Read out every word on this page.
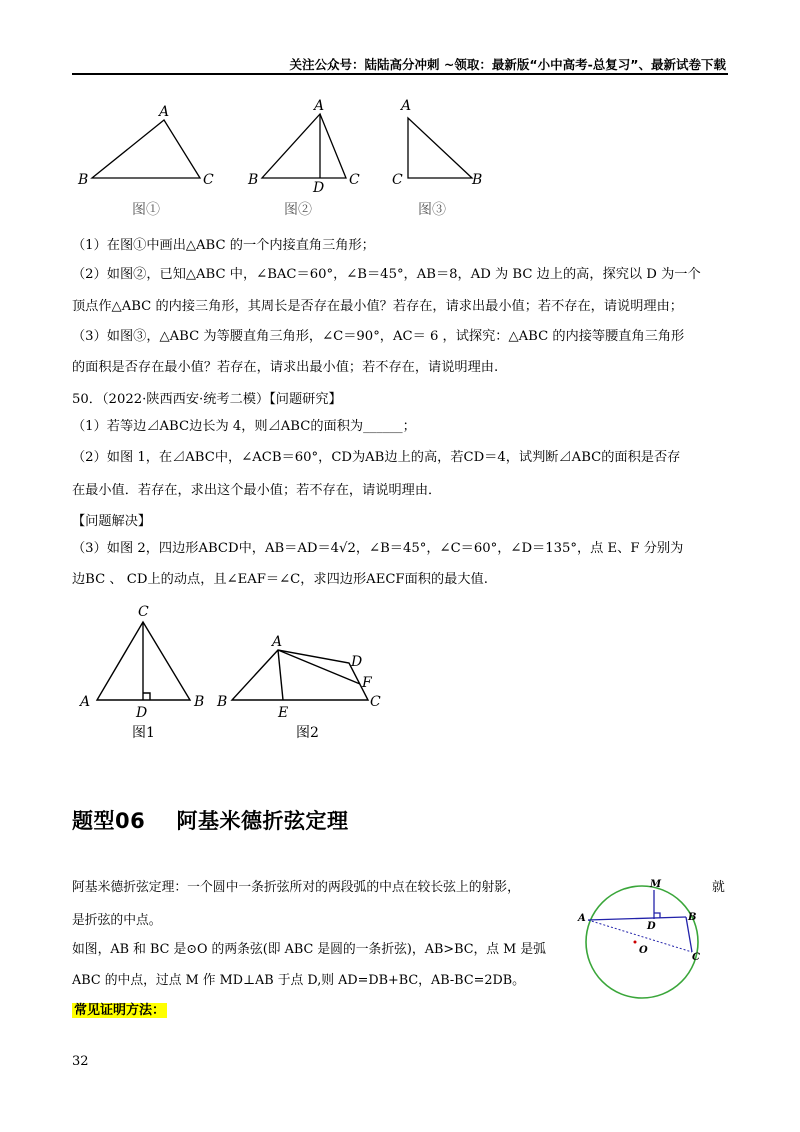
关注公众号：陆陆高分冲刺 ~领取：最新版“小中高考-总复习”、最新试卷下载
A
B	C
A
B	C
D
A
C	B
图①	图②	图③
（1）在图①中画出△ABC 的一个内接直角三角形；
（2）如图②，已知△ABC 中，∠BAC＝60°，∠B＝45°，AB＝8，AD 为 BC 边上的高，探究以 D 为一个
顶点作△ABC 的内接三角形，其周长是否存在最小值？若存在，请求出最小值；若不存在，请说明理由；
（3）如图③，△ABC 为等腰直角三角形，∠C＝90°，AC＝ 6 ，试探究：△ABC 的内接等腰直角三角形
的面积是否存在最小值？若存在，请求出最小值；若不存在，请说明理由.
50．（2022·陕西西安·统考二模）【问题研究】
（1）若等边⊿ABC边长为 4，则⊿ABC的面积为______；
（2）如图 1，在⊿ABC中，∠ACB＝60°，CD为AB边上的高，若CD＝4，试判断⊿ABC的面积是否存
在最小值．若存在，求出这个最小值；若不存在，请说明理由．
【问题解决】
（3）如图 2，四边形ABCD中，AB＝AD＝4√2，∠B＝45°，∠C＝60°，∠D＝135°，点 E、F 分别为
边BC 、 CD上的动点，且∠EAF＝∠C，求四边形AECF面积的最大值.
C
A	B
D
A
B	C
D
E
F
图1	图2
题型06    阿基米德折弦定理
阿基米德折弦定理：一个圆中一条折弦所对的两段弧的中点在较长弦上的射影，	就
是折弦的中点。
如图，AB 和 BC 是⊙O 的两条弦(即 ABC 是圆的一条折弦)，AB>BC，点 M 是弧
ABC 的中点，过点 M 作 MD⊥AB 于点 D,则 AD=DB+BC，AB-BC=2DB。
常见证明方法：
M
A	B
D
O
C
32
